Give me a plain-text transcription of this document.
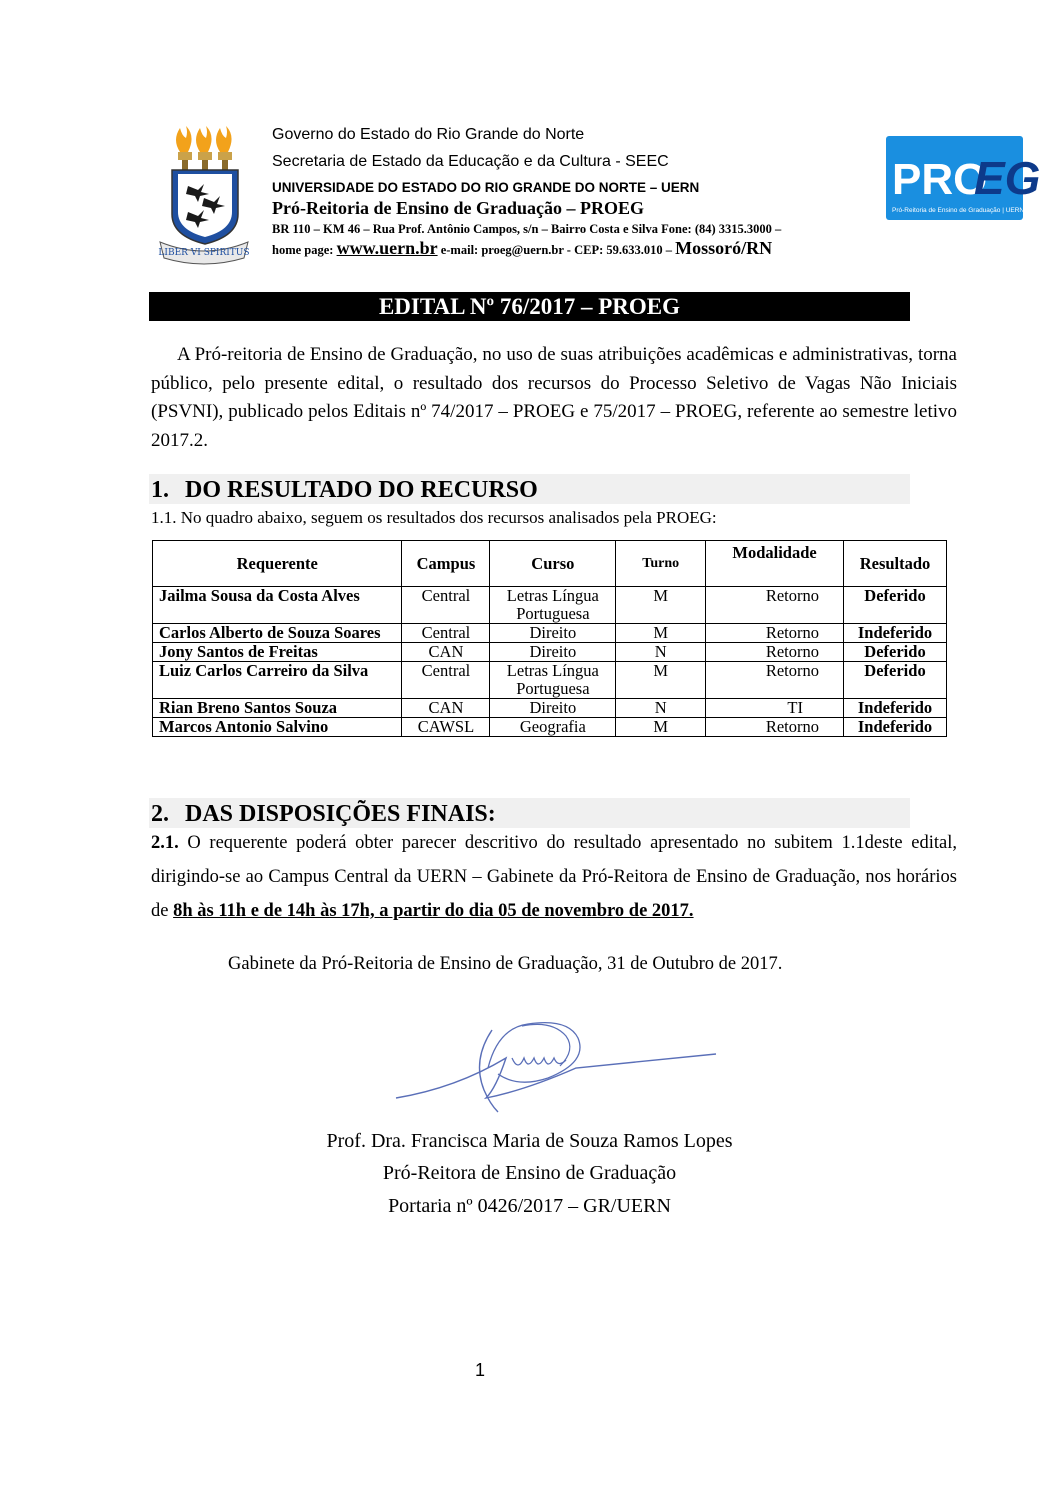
LIBER VI SPIRITUS
Governo do Estado do Rio Grande do Norte
Secretaria de Estado da Educação e da Cultura - SEEC
UNIVERSIDADE DO ESTADO DO RIO GRANDE DO NORTE – UERN
Pró-Reitoria de Ensino de Graduação – PROEG
BR 110 – KM 46 – Rua Prof. Antônio Campos, s/n – Bairro Costa e Silva Fone: (84) 3315.3000 –
home page: www.uern.br e-mail: proeg@uern.br - CEP: 59.633.010 – Mossoró/RN
PRO
EG
Pró-Reitoria de Ensino de Graduação | UERN
EDITAL Nº 76/2017 – PROEG
A Pró-reitoria de Ensino de Graduação, no uso de suas atribuições acadêmicas e administrativas, torna público, pelo presente edital, o resultado dos recursos do Processo Seletivo de Vagas Não Iniciais (PSVNI), publicado pelos Editais nº 74/2017 – PROEG e 75/2017 – PROEG, referente ao semestre letivo 2017.2.
1. DO RESULTADO DO RECURSO
1.1. No quadro abaixo, seguem os resultados dos recursos analisados pela PROEG:
Requerente	Campus	Curso	Turno	Modalidade	Resultado
Jailma Sousa da Costa Alves	Central	Letras Língua Portuguesa	M	Retorno	Deferido
Carlos Alberto de Souza Soares	Central	Direito	M	Retorno	Indeferido
Jony Santos de Freitas	CAN	Direito	N	Retorno	Deferido
Luiz Carlos Carreiro da Silva	Central	Letras Língua Portuguesa	M	Retorno	Deferido
Rian Breno Santos Souza	CAN	Direito	N	TI	Indeferido
Marcos Antonio Salvino	CAWSL	Geografia	M	Retorno	Indeferido
2. DAS DISPOSIÇÕES FINAIS:
2.1. O requerente poderá obter parecer descritivo do resultado apresentado no subitem 1.1deste edital, dirigindo-se ao Campus Central da UERN – Gabinete da Pró-Reitora de Ensino de Graduação, nos horários de 8h às 11h e de 14h às 17h, a partir do dia 05 de novembro de 2017.
Gabinete da Pró-Reitoria de Ensino de Graduação, 31 de Outubro de 2017.
Prof. Dra. Francisca Maria de Souza Ramos Lopes
Pró-Reitora de Ensino de Graduação
Portaria nº 0426/2017 – GR/UERN
1
